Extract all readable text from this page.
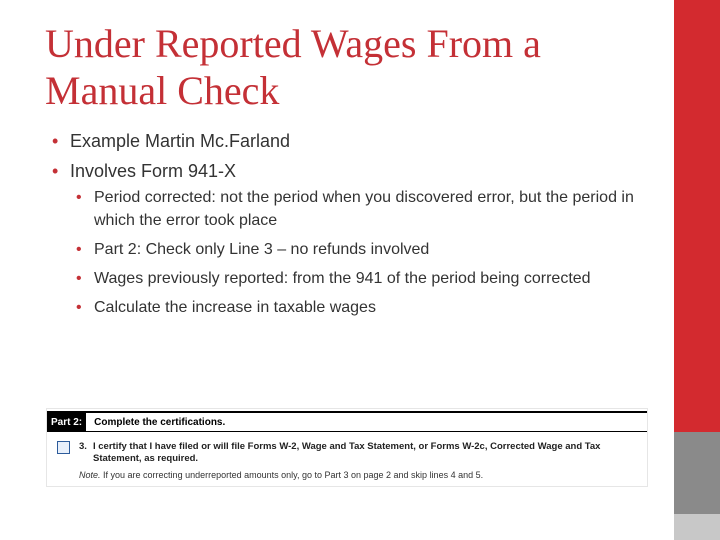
Under Reported Wages From a Manual Check
• Example Martin Mc.Farland
• Involves Form 941-X
• Period corrected: not the period when you discovered error, but the period in which the error took place
• Part 2: Check only Line 3 – no refunds involved
• Wages previously reported: from the 941 of the period being corrected
• Calculate the increase in taxable wages
Part 2:	Complete the certifications.
3. I certify that I have filed or will file Forms W-2, Wage and Tax Statement, or Forms W-2c, Corrected Wage and Tax Statement, as required.
Note. If you are correcting underreported amounts only, go to Part 3 on page 2 and skip lines 4 and 5.
